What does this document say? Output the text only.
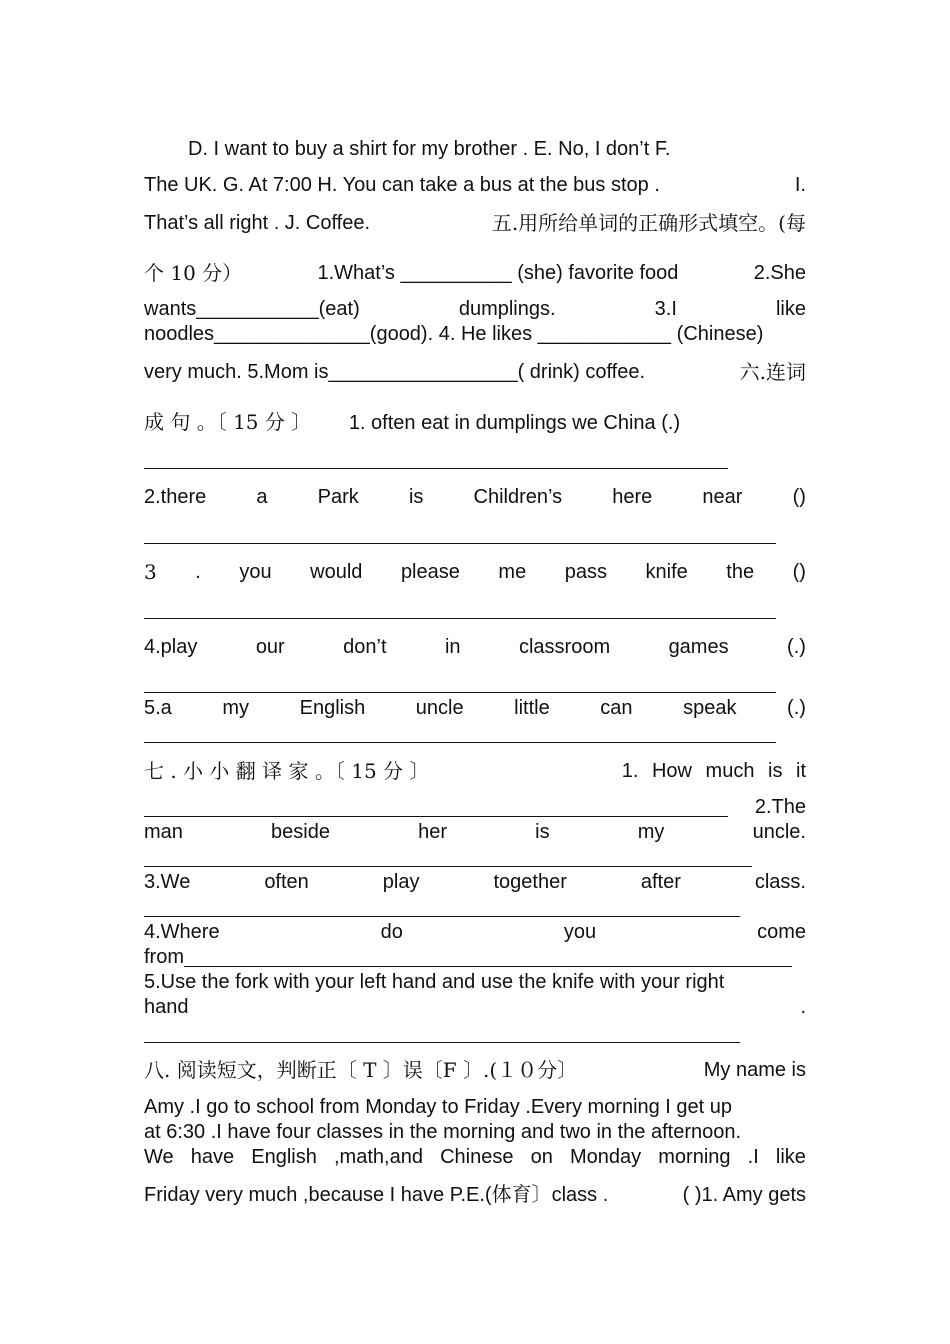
D. I want to buy a shirt for my brother . E. No, I don’t F.
The UK. G. At 7:00 H. You can take a bus at the bus stop .	I.
That’s all right . J. Coffee.	五.用所给单词的正确形式填空。(每
个 10 分）	1.What’s __________ (she) favorite food	2.She
wants___________(eat)	dumplings.	3.I	like
noodles______________(good). 4. He likes ____________ (Chinese)
very much. 5.Mom is_________________( drink) coffee.	六.连词
成 句 。〔 15 分 〕 1. often eat in dumplings we China (.)
2.there	a	Park	is	Children’s	here	near	()
3 . you would please me pass knife the ()
4.play	our	don’t	in	classroom	games	(.)
5.a	my	English	uncle	little	can	speak	(.)
七 . 小 小 翻 译 家 。〔 15 分 〕	1. How much is it
2.The
man	beside	her	is	my	uncle.
3.We	often	play	together	after	class.
4.Where	do	you	come
from
5.Use the fork with your left hand and use the knife with your right
hand	.
八. 阅读短文，判断正〔 T 〕误〔F 〕.(１０分〕	My name is
Amy .I go to school from Monday to Friday .Every morning I get up
at 6:30 .I have four classes in the morning and two in the afternoon.
We have English ,math,and Chinese on Monday morning .I like
Friday very much ,because I have P.E.(体育〕class .	( )1. Amy gets
